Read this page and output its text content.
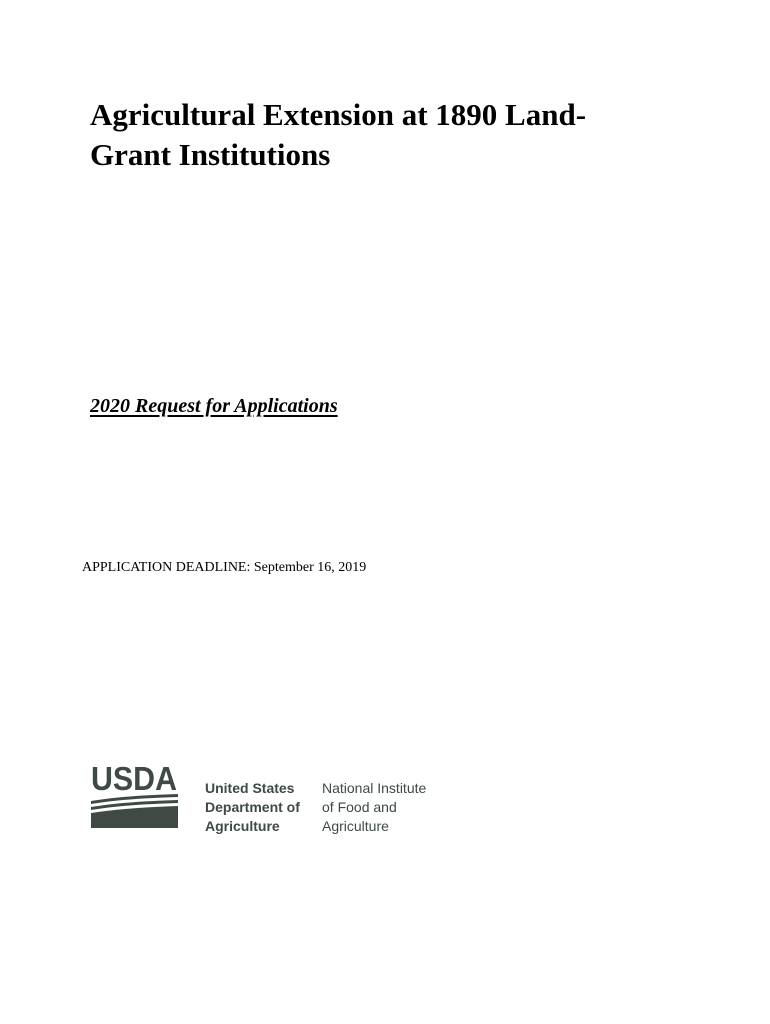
Agricultural Extension at 1890 Land-
Grant Institutions

2020 Request for Applications

APPLICATION DEADLINE: September 16, 2019

USDA United States
Department of
Agriculture
National Institute
of Food and
Agriculture
